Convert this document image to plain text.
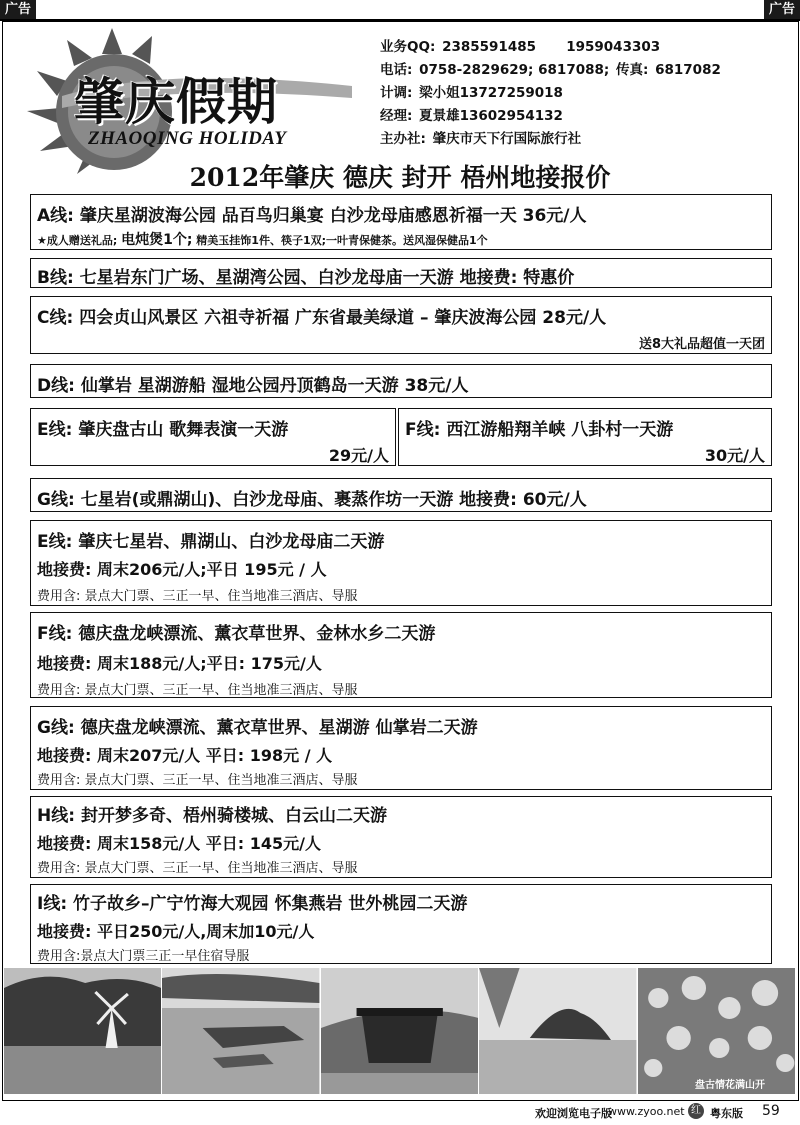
广告	广告
肇庆假期
ZHAOQING HOLIDAY
业务QQ: 2385591485 1959043303
电话: 0758-2829629; 6817088; 传真: 6817082
计调: 梁小姐13727259018
经理: 夏景雄13602954132
主办社: 肇庆市天下行国际旅行社
2012年肇庆 德庆 封开 梧州地接报价
A线: 肇庆星湖波海公园 品百鸟归巢宴 白沙龙母庙感恩祈福一天 36元/人
★成人赠送礼品; 电炖煲1个; 精美玉挂饰1件、筷子1双;一叶青保健茶。送风湿保健品1个
B线: 七星岩东门广场、星湖湾公园、白沙龙母庙一天游 地接费: 特惠价
C线: 四会贞山风景区 六祖寺祈福 广东省最美绿道 – 肇庆波海公园 28元/人
送8大礼品超值一天团
D线: 仙掌岩 星湖游船 湿地公园丹顶鹤岛一天游 38元/人
E线: 肇庆盘古山 歌舞表演一天游
29元/人
F线: 西江游船翔羊峡 八卦村一天游
30元/人
G线: 七星岩(或鼎湖山)、白沙龙母庙、裹蒸作坊一天游 地接费: 60元/人
E线: 肇庆七星岩、鼎湖山、白沙龙母庙二天游
地接费: 周末206元/人;平日 195元 / 人
费用含: 景点大门票、三正一早、住当地准三酒店、导服
F线: 德庆盘龙峡漂流、薰衣草世界、金林水乡二天游
地接费: 周末188元/人;平日: 175元/人
费用含: 景点大门票、三正一早、住当地准三酒店、导服
G线: 德庆盘龙峡漂流、薰衣草世界、星湖游 仙掌岩二天游
地接费: 周末207元/人 平日: 198元 / 人
费用含: 景点大门票、三正一早、住当地准三酒店、导服
H线: 封开梦多奇、梧州骑楼城、白云山二天游
地接费: 周末158元/人 平日: 145元/人
费用含: 景点大门票、三正一早、住当地准三酒店、导服
I线: 竹子故乡–广宁竹海大观园 怀集燕岩 世外桃园二天游
地接费: 平日250元/人,周末加10元/人
费用含:景点大门票三正一早住宿导服
盘古情花满山开
欢迎浏览电子版
www.zyoo.net 红 粤东版 59
